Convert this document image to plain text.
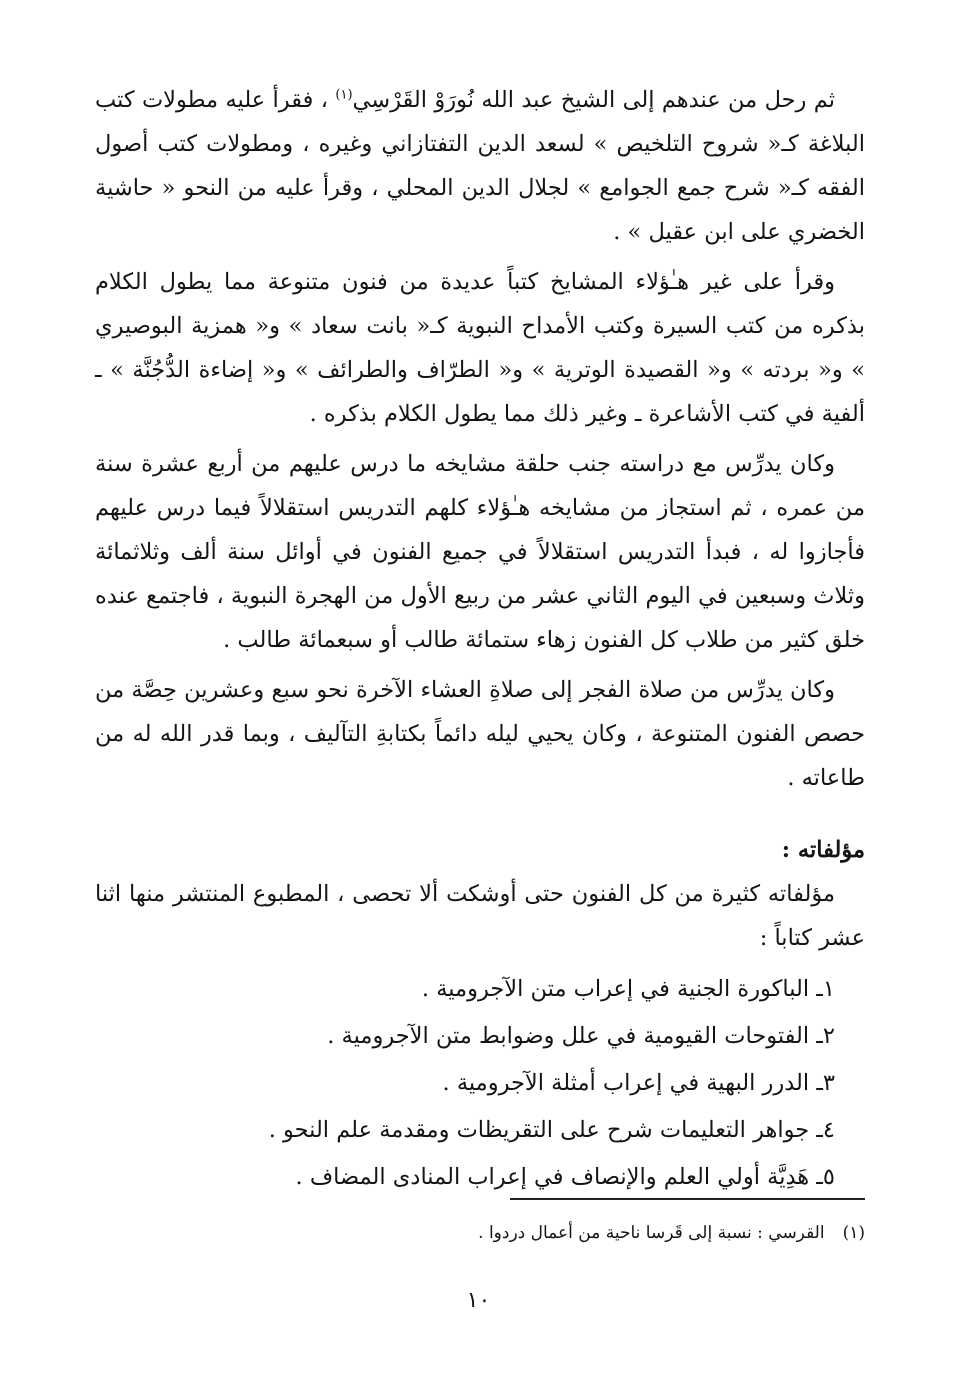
ثم رحل من عندهم إلى الشيخ عبد الله نُورَوْ القَرْسِي$^{(١)}$ ، فقرأ عليه مطولات كتب البلاغة كـ« شروح التلخيص » لسعد الدين التفتازاني وغيره ، ومطولات كتب أصول الفقه كـ« شرح جمع الجوامع » لجلال الدين المحلي ، وقرأ عليه من النحو « حاشية الخضري على ابن عقيل » .

وقرأ على غير هـٰؤلاء المشايخ كتباً عديدة من فنون متنوعة مما يطول الكلام بذكره من كتب السيرة وكتب الأمداح النبوية كـ« بانت سعاد » و« همزية البوصيري » و« بردته » و« القصيدة الوترية » و« الطرّاف والطرائف » و« إضاءة الدُّجُنَّة » ـ ألفية في كتب الأشاعرة ـ وغير ذلك مما يطول الكلام بذكره .

وكان يدرِّس مع دراسته جنب حلقة مشايخه ما درس عليهم من أربع عشرة سنة من عمره ، ثم استجاز من مشايخه هـٰؤلاء كلهم التدريس استقلالاً فيما درس عليهم فأجازوا له ، فبدأ التدريس استقلالاً في جميع الفنون في أوائل سنة ألف وثلاثمائة وثلاث وسبعين في اليوم الثاني عشر من ربيع الأول من الهجرة النبوية ، فاجتمع عنده خلق كثير من طلاب كل الفنون زهاء ستمائة طالب أو سبعمائة طالب .

وكان يدرِّس من صلاة الفجر إلى صلاةِ العشاء الآخرة نحو سبع وعشرين حِصَّة من حصص الفنون المتنوعة ، وكان يحيي ليله دائماً بكتابةِ التآليف ، وبما قدر الله له من طاعاته .

مؤلفاته :

مؤلفاته كثيرة من كل الفنون حتى أوشكت ألا تحصى ، المطبوع المنتشر منها اثنا عشر كتاباً :

١ـ الباكورة الجنية في إعراب متن الآجرومية .
٢ـ الفتوحات القيومية في علل وضوابط متن الآجرومية .
٣ـ الدرر البهية في إعراب أمثلة الآجرومية .
٤ـ جواهر التعليمات شرح على التقريظات ومقدمة علم النحو .
٥ـ هَدِيَّة أولي العلم والإنصاف في إعراب المنادى المضاف .
(١)القرسي : نسبة إلى قَرسا ناحية من أعمال دردوا .
١٠
